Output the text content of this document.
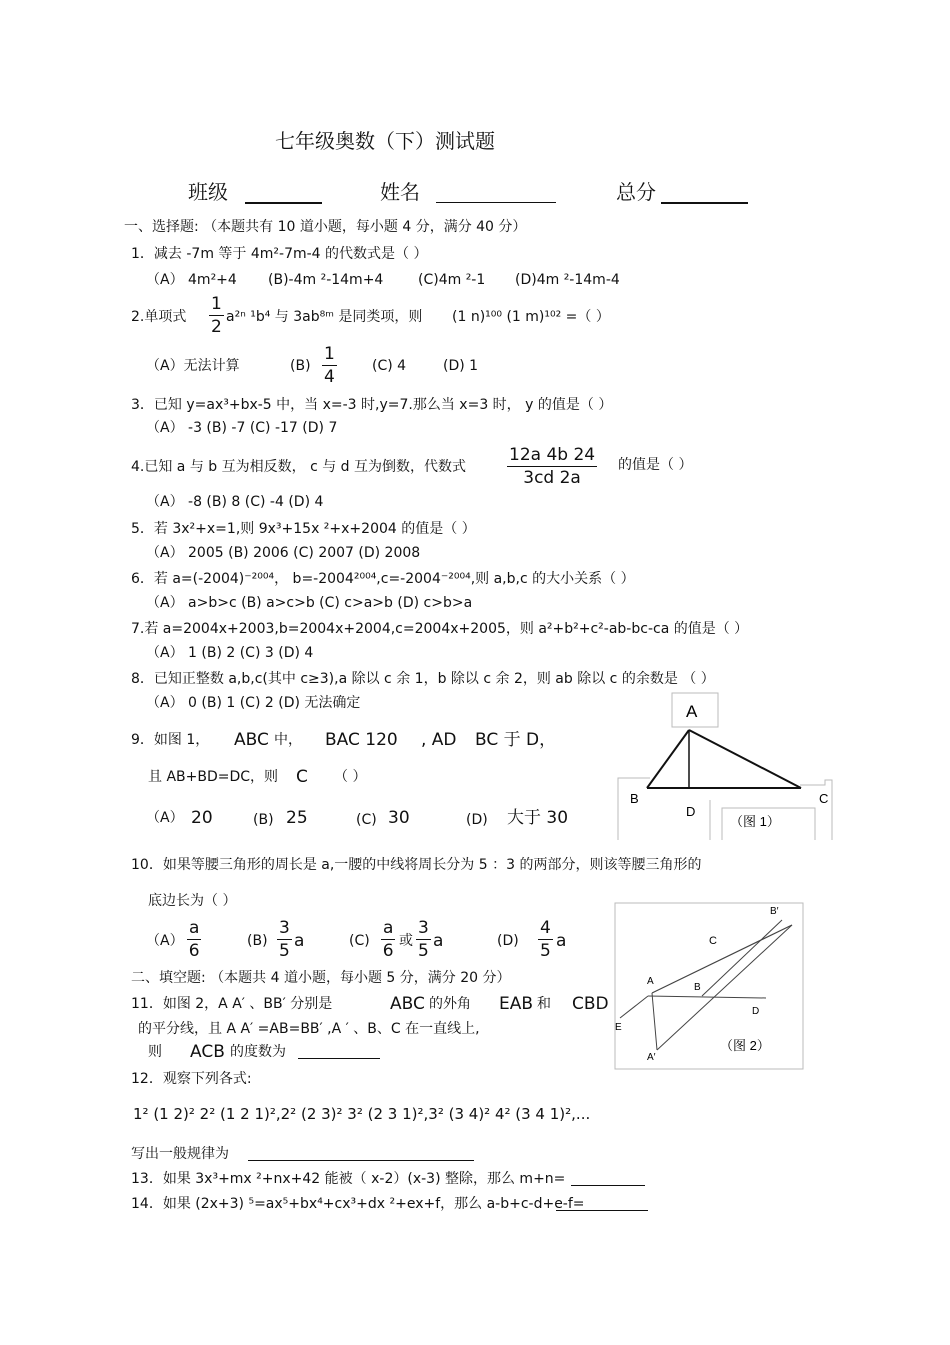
七年级奥数（下）测试题
班级	姓名	总分
一、选择题: （本题共有 10 道小题，每小题 4 分，满分 40 分）
1．减去 -7m 等于 4m²-7m-4 的代数式是（ ）
（A） 4m²+4 (B)-4m ²-14m+4 (C)4m ²-1 (D)4m ²-14m-4
2.单项式 $\frac{1}{2} a^{2n}$ ¹b⁴ 与 3ab⁸ᵐ 是同类项，则 (1 n)¹⁰⁰ (1 m)¹⁰² =（ ）
（A）无法计算	$(B) \frac{1}{4}$	(C) 4	(D) 1
3．已知 y=ax³+bx-5 中，当 x=-3 时,y=7.那么当 x=3 时， y 的值是（ ）
（A） -3 (B) -7 (C) -17 (D) 7
4.已知 a 与 b 互为相反数， c 与 d 互为倒数，代数式 $\frac{12a 4b 24}{3cd 2a}$ 的值是（ ）
（A） -8 (B) 8 (C) -4 (D) 4
5．若 3x²+x=1,则 9x³+15x ²+x+2004 的值是（ ）
（A） 2005 (B) 2006 (C) 2007 (D) 2008
6．若 a=(-2004)⁻²⁰⁰⁴， b=-2004²⁰⁰⁴,c=-2004⁻²⁰⁰⁴,则 a,b,c 的大小关系（ ）
（A） a>b>c (B) a>c>b (C) c>a>b (D) c>b>a
7.若 a=2004x+2003,b=2004x+2004,c=2004x+2005，则 a²+b²+c²-ab-bc-ca 的值是（ ）
（A） 1 (B) 2 (C) 3 (D) 4
8．已知正整数 a,b,c(其中 c≥3),a 除以 c 余 1，b 除以 c 余 2，则 ab 除以 c 的余数是 （ ）
（A） 0 (B) 1 (C) 2 (D) 无法确定
9．如图 1， ABC 中， BAC 120 , AD BC 于 D，
且 AB+BD=DC，则 C （ ）
（A） 20	(B) 25	(C) 30	(D) 大于 30
A
B
D
C
（图 1）
10．如果等腰三角形的周长是 a,一腰的中线将周长分为 5 ：3 的两部分，则该等腰三角形的
底边长为（ ）
$(A) \frac{a}{6}$	$(B) \frac{3}{5}$ a	$(C) \frac{a}{6}$ 或 $\frac{3}{5}$ a	$(D) \frac{4}{5}$ a
二、填空题: （本题共 4 道小题，每小题 5 分，满分 20 分）
11．如图 2，A A′ 、BB′ 分别是	ABC 的外角 EAB 和 CBD
的平分线，且 A A′ =AB=BB′ ,A ′ 、B、C 在一直线上,
则 ACB 的度数为
B′
C
A
B
E
D
A′
（图 2）
12．观察下列各式:
1² (1 2)² 2² (1 2 1)²,2² (2 3)² 3² (2 3 1)²,3² (3 4)² 4² (3 4 1)²,...
写出一般规律为
13．如果 3x³+mx ²+nx+42 能被（ x-2）(x-3) 整除，那么 m+n=
14．如果 (2x+3) ⁵=ax⁵+bx⁴+cx³+dx ²+ex+f，那么 a-b+c-d+e-f=
